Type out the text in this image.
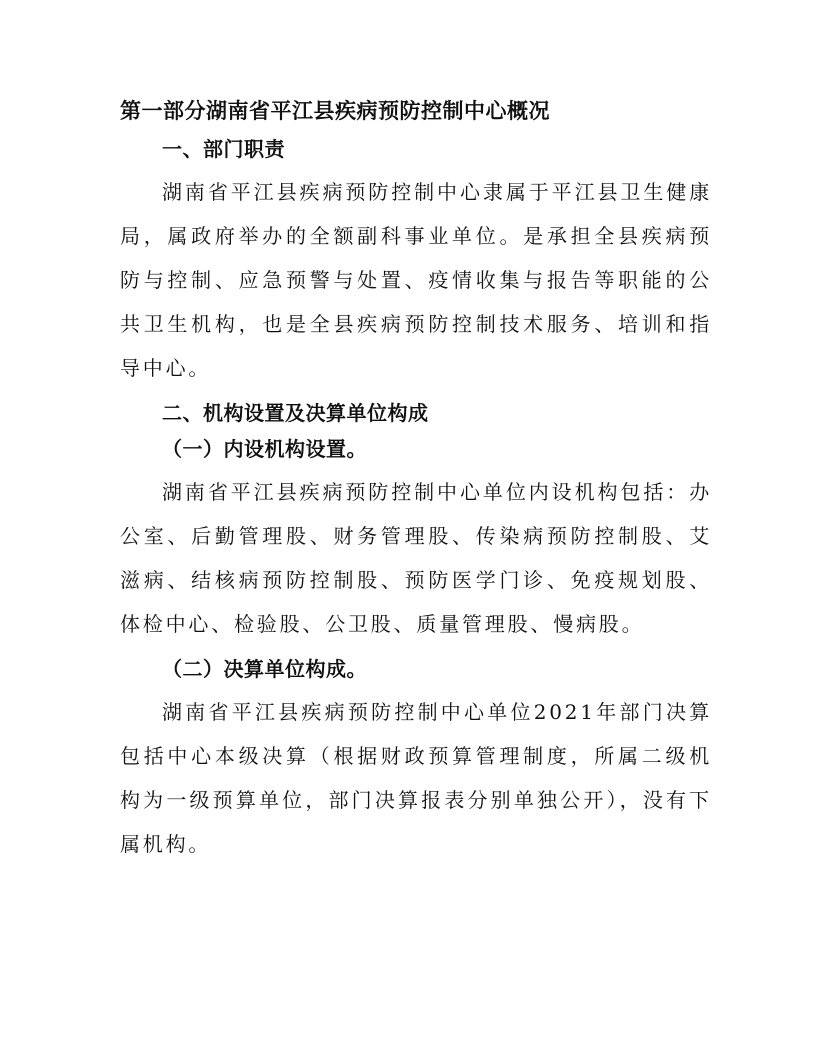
第一部分湖南省平江县疾病预防控制中心概况
一、部门职责

湖南省平江县疾病预防控制中心隶属于平江县卫生健康局，属政府举办的全额副科事业单位。是承担全县疾病预防与控制、应急预警与处置、疫情收集与报告等职能的公共卫生机构，也是全县疾病预防控制技术服务、培训和指导中心。

二、机构设置及决算单位构成
（一）内设机构设置。

湖南省平江县疾病预防控制中心单位内设机构包括：办公室、后勤管理股、财务管理股、传染病预防控制股、艾滋病、结核病预防控制股、预防医学门诊、免疫规划股、体检中心、检验股、公卫股、质量管理股、慢病股。

（二）决算单位构成。

湖南省平江县疾病预防控制中心单位2021年部门决算包括中心本级决算（根据财政预算管理制度，所属二级机构为一级预算单位，部门决算报表分别单独公开），没有下属机构。
